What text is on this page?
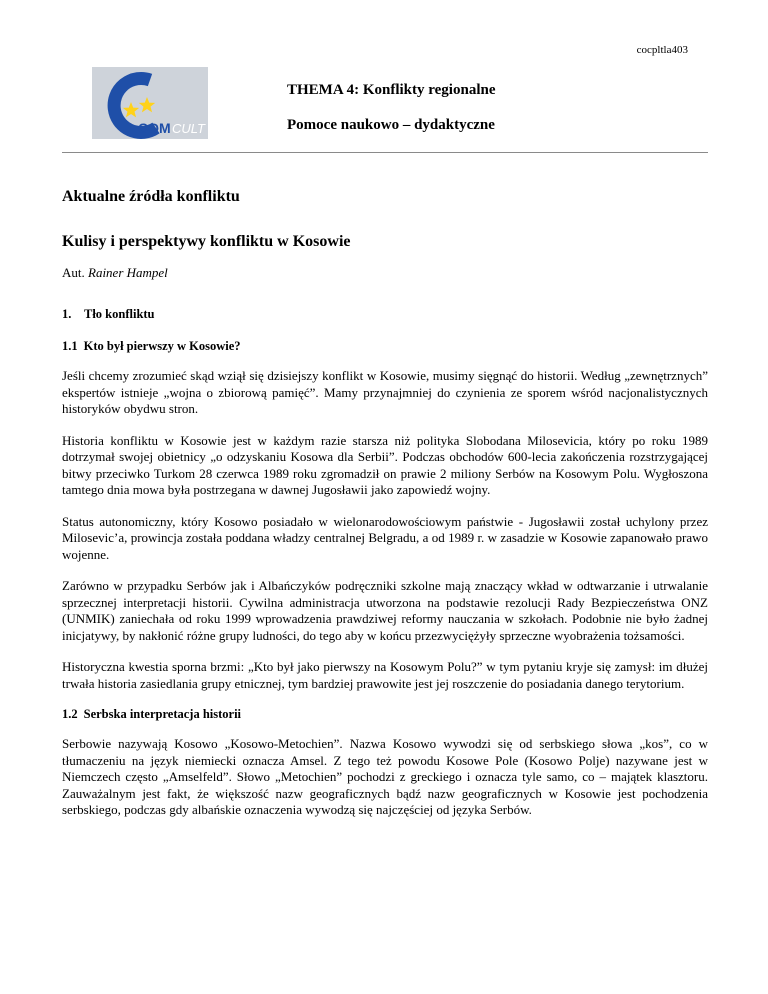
cocpltla403
COM CULT
THEMA 4: Konflikty regionalne
Pomoce naukowo – dydaktyczne
Aktualne źródła konfliktu
Kulisy i perspektywy konfliktu w Kosowie

Aut. Rainer Hampel

1. Tło konfliktu
1.1 Kto był pierwszy w Kosowie?

Jeśli chcemy zrozumieć skąd wziął się dzisiejszy konflikt w Kosowie, musimy sięgnąć do historii. Według „zewnętrznych” ekspertów istnieje „wojna o zbiorową pamięć”. Mamy przynajmniej do czynienia ze sporem wśród nacjonalistycznych historyków obydwu stron.

Historia konfliktu w Kosowie jest w każdym razie starsza niż polityka Slobodana Milosevicia, który po roku 1989 dotrzymał swojej obietnicy „o odzyskaniu Kosowa dla Serbii”. Podczas obchodów 600-lecia zakończenia rozstrzygającej bitwy przeciwko Turkom 28 czerwca 1989 roku zgromadził on prawie 2 miliony Serbów na Kosowym Polu. Wygłoszona tamtego dnia mowa była postrzegana w dawnej Jugosławii jako zapowiedź wojny.

Status autonomiczny, który Kosowo posiadało w wielonarodowościowym państwie - Jugosławii został uchylony przez Milosevic’a, prowincja została poddana władzy centralnej Belgradu, a od 1989 r. w zasadzie w Kosowie zapanowało prawo wojenne.

Zarówno w przypadku Serbów jak i Albańczyków podręczniki szkolne mają znaczący wkład w odtwarzanie i utrwalanie sprzecznej interpretacji historii. Cywilna administracja utworzona na podstawie rezolucji Rady Bezpieczeństwa ONZ (UNMIK) zaniechała od roku 1999 wprowadzenia prawdziwej reformy nauczania w szkołach. Podobnie nie było żadnej inicjatywy, by nakłonić różne grupy ludności, do tego aby w końcu przezwyciężyły sprzeczne wyobrażenia tożsamości.

Historyczna kwestia sporna brzmi: „Kto był jako pierwszy na Kosowym Polu?” w tym pytaniu kryje się zamysł: im dłużej trwała historia zasiedlania grupy etnicznej, tym bardziej prawowite jest jej roszczenie do posiadania danego terytorium.

1.2 Serbska interpretacja historii

Serbowie nazywają Kosowo „Kosowo-Metochien”. Nazwa Kosowo wywodzi się od serbskiego słowa „kos”, co w tłumaczeniu na język niemiecki oznacza Amsel. Z tego też powodu Kosowe Pole (Kosowo Polje) nazywane jest w Niemczech często „Amselfeld”. Słowo „Metochien” pochodzi z greckiego i oznacza tyle samo, co – majątek klasztoru. Zauważalnym jest fakt, że większość nazw geograficznych bądź nazw geograficznych w Kosowie jest pochodzenia serbskiego, podczas gdy albańskie oznaczenia wywodzą się najczęściej od języka Serbów.
